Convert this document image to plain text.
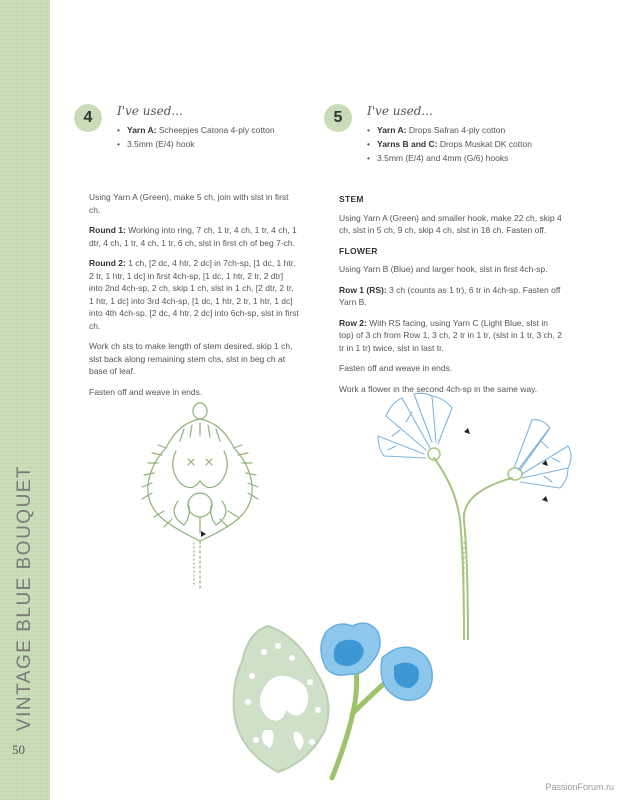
VINTAGE BLUE BOUQUET
50
4	I've used...
• Yarn A: Scheepjes Catona 4-ply cotton
• 3.5mm (E/4) hook
5	I've used...
• Yarn A: Drops Safran 4-ply cotton
• Yarns B and C: Drops Muskat DK cotton
• 3.5mm (E/4) and 4mm (G/6) hooks

Using Yarn A (Green), make 5 ch, join with slst in first ch.

Round 1: Working into ring, 7 ch, 1 tr, 4 ch, 1 tr, 4 ch, 1 dtr, 4 ch, 1 tr, 4 ch, 1 tr, 6 ch, slst in first ch of beg 7-ch.

Round 2: 1 ch, [2 dc, 4 htr, 2 dc] in 7ch-sp, [1 dc, 1 htr, 2 tr, 1 htr, 1 dc] in first 4ch-sp, [1 dc, 1 htr, 2 tr, 2 dtr] into 2nd 4ch-sp, 2 ch, skip 1 ch, slst in 1 ch, [2 dtr, 2 tr, 1 htr, 1 dc] into 3rd 4ch-sp, [1 dc, 1 htr, 2 tr, 1 htr, 1 dc] into 4th 4ch-sp, [2 dc, 4 htr, 2 dc] into 6ch-sp, slst in first ch.

Work ch sts to make length of stem desired, skip 1 ch, slst back along remaining stem chs, slst in beg ch at base of leaf.

Fasten off and weave in ends.

STEM

Using Yarn A (Green) and smaller hook, make 22 ch, skip 4 ch, slst in 5 ch, 9 ch, skip 4 ch, slst in 18 ch. Fasten off.

FLOWER

Using Yarn B (Blue) and larger hook, slst in first 4ch-sp.

Row 1 (RS): 3 ch (counts as 1 tr), 6 tr in 4ch-sp. Fasten off Yarn B.

Row 2: With RS facing, using Yarn C (Light Blue, slst in top) of 3 ch from Row 1, 3 ch, 2 tr in 1 tr, (slst in 1 tr, 3 ch, 2 tr in 1 tr) twice, slst in last tr.

Fasten off and weave in ends.

Work a flower in the second 4ch-sp in the same way.

PassionForum.ru
